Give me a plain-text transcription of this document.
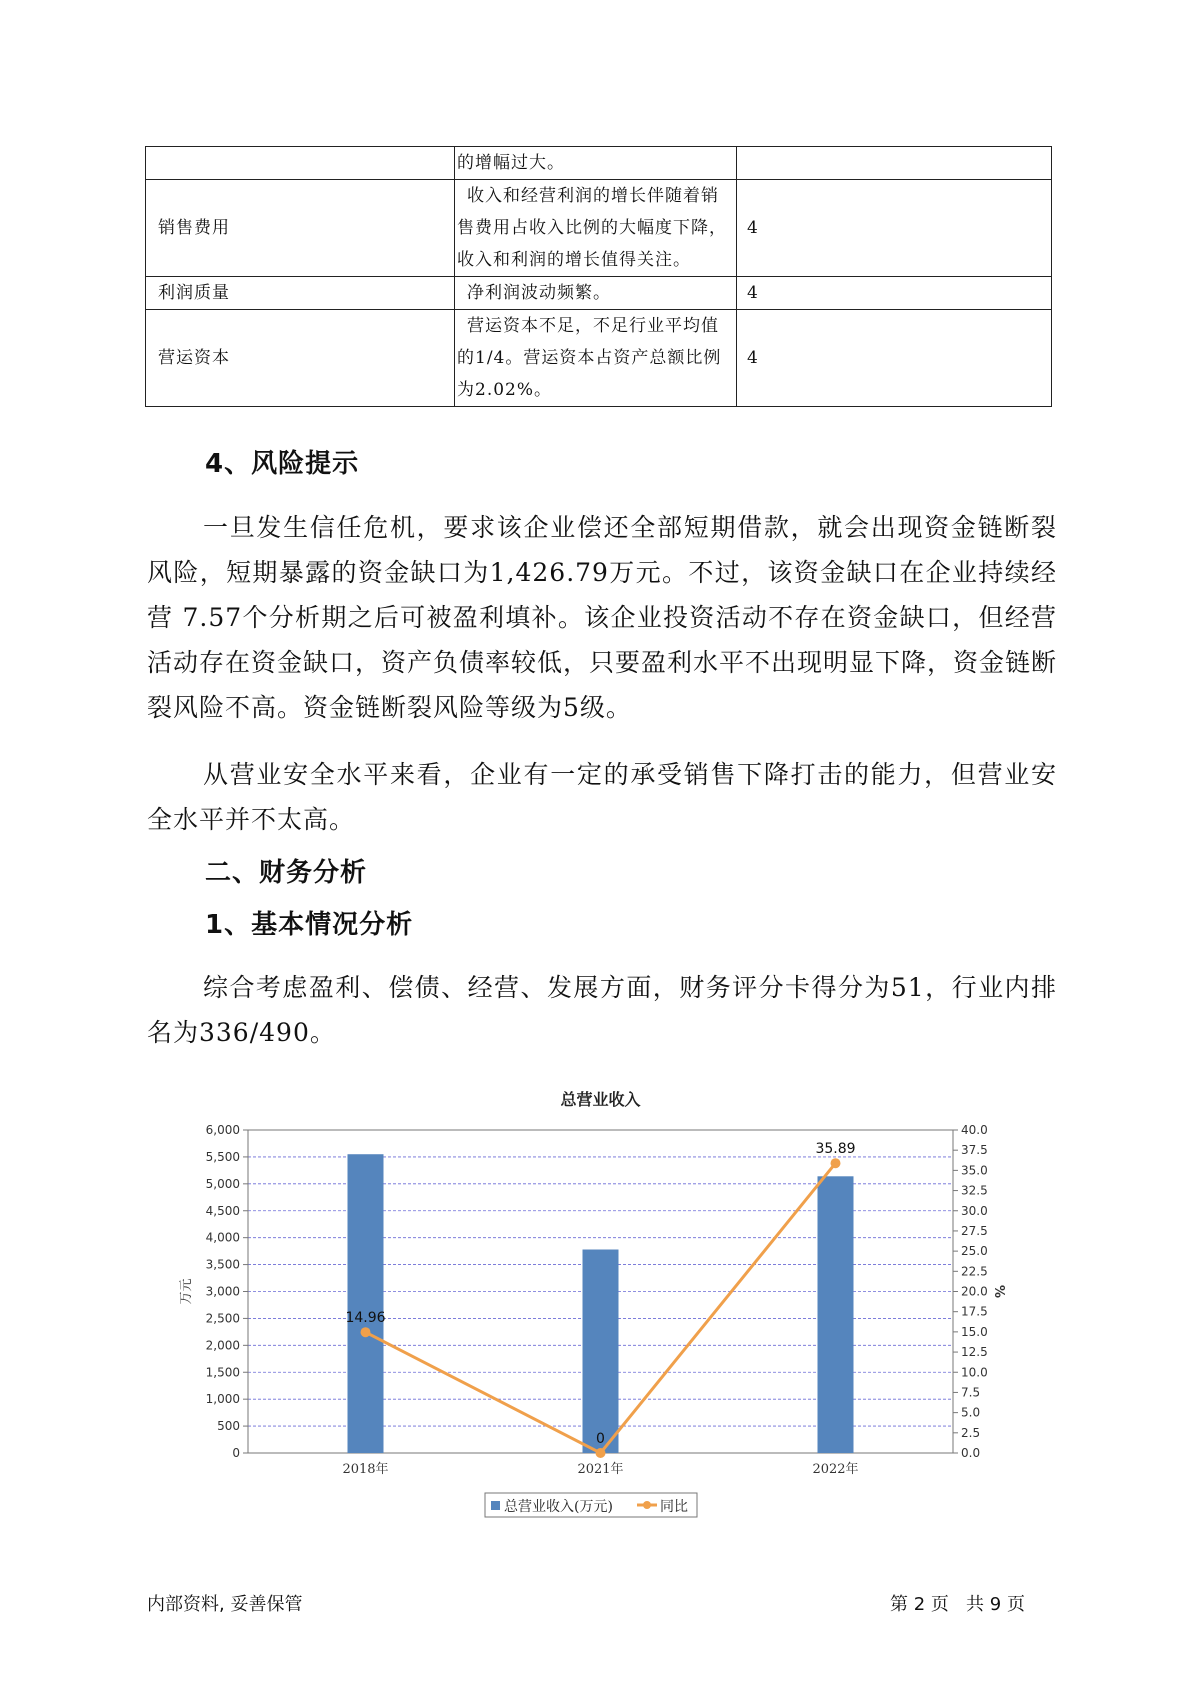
	的增幅过大。	
销售费用	收入和经营利润的增长伴随着销售费用占收入比例的大幅度下降，收入和利润的增长值得关注。	4
利润质量	净利润波动频繁。	4
营运资本	营运资本不足，不足行业平均值的1/4。营运资本占资产总额比例为2.02%。	4
4、风险提示

一旦发生信任危机，要求该企业偿还全部短期借款，就会出现资金链断裂风险，短期暴露的资金缺口为1,426.79万元。不过，该资金缺口在企业持续经营 7.57个分析期之后可被盈利填补。该企业投资活动不存在资金缺口，但经营活动存在资金缺口，资产负债率较低，只要盈利水平不出现明显下降，资金链断裂风险不高。资金链断裂风险等级为5级。

从营业安全水平来看，企业有一定的承受销售下降打击的能力，但营业安全水平并不太高。

二、财务分析
1、基本情况分析

综合考虑盈利、偿债、经营、发展方面，财务评分卡得分为51，行业内排名为336/490。

总营业收入
0
500
1,000
1,500
2,000
2,500
3,000
3,500
4,000
4,500
5,000
5,500
6,000
0.0
2.5
5.0
7.5
10.0
12.5
15.0
17.5
20.0
22.5
25.0
27.5
30.0
32.5
35.0
37.5
40.0
万元	%
2018年	2021年	2022年
14.96
0
35.89
总营业收入(万元)	同比
内部资料, 妥善保管	第 2 页   共 9 页
